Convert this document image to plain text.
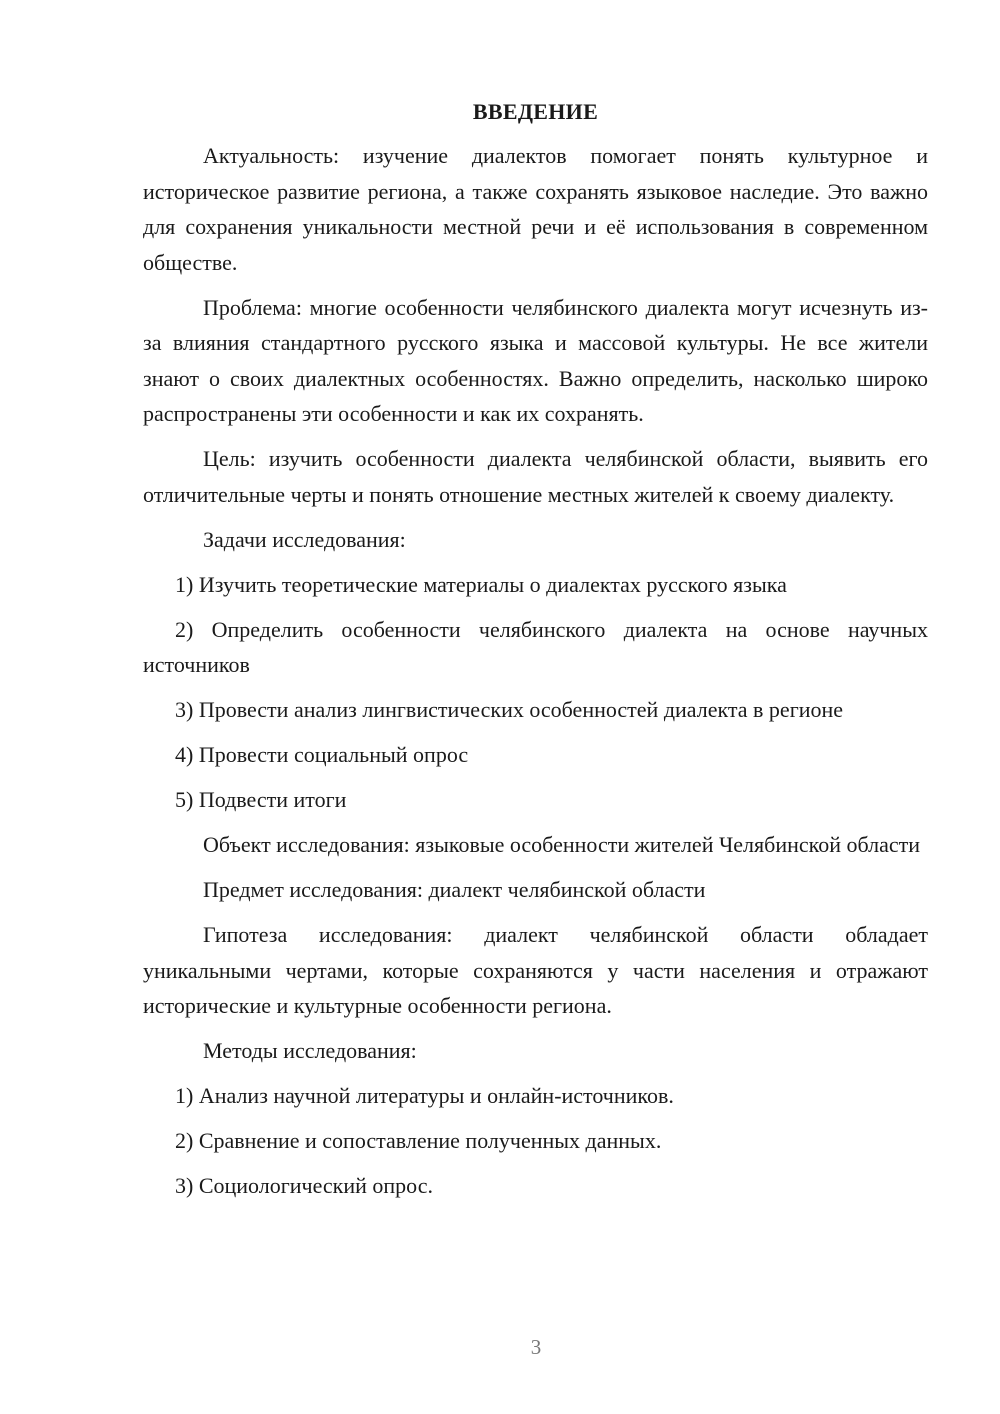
ВВЕДЕНИЕ

Актуальность: изучение диалектов помогает понять культурное и историческое развитие региона, а также сохранять языковое наследие. Это важно для сохранения уникальности местной речи и её использования в современном обществе.

Проблема: многие особенности челябинского диалекта могут исчезнуть из-за влияния стандартного русского языка и массовой культуры. Не все жители знают о своих диалектных особенностях. Важно определить, насколько широко распространены эти особенности и как их сохранять.

Цель: изучить особенности диалекта челябинской области, выявить его отличительные черты и понять отношение местных жителей к своему диалекту.

Задачи исследования:

1) Изучить теоретические материалы о диалектах русского языка

2) Определить особенности челябинского диалекта на основе научных источников

3) Провести анализ лингвистических особенностей диалекта в регионе

4) Провести социальный опрос

5) Подвести итоги

Объект исследования: языковые особенности жителей Челябинской области

Предмет исследования: диалект челябинской области

Гипотеза исследования: диалект челябинской области обладает уникальными чертами, которые сохраняются у части населения и отражают исторические и культурные особенности региона.

Методы исследования:

1) Анализ научной литературы и онлайн-источников.

2) Сравнение и сопоставление полученных данных.

3) Социологический опрос.

3
